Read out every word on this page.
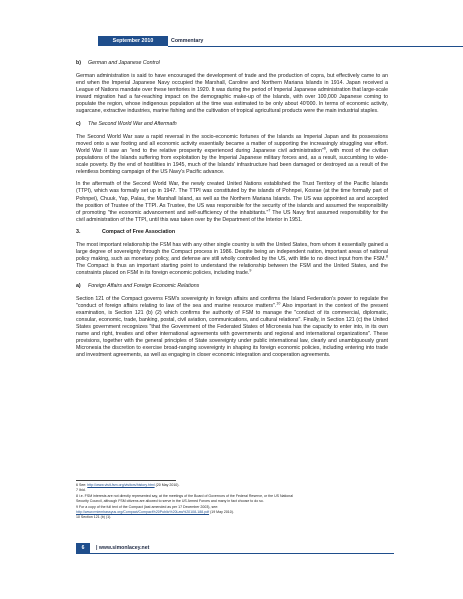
September 2010	Commentary
b) German and Japanese Control

German administration is said to have encouraged the development of trade and the production of copra, but effectively came to an end when the Imperial Japanese Navy occupied the Marshall, Caroline and Northern Mariana Islands in 1914. Japan received a League of Nations mandate over these territories in 1920. It was during the period of Imperial Japanese administration that large-scale inward migration had a far-reaching impact on the demographic make-up of the Islands, with over 100,000 Japanese coming to populate the region, whose indigenous population at the time was estimated to be only about 40'000. In terms of economic activity, sugarcane, extractive industries, marine fishing and the cultivation of tropical agricultural products were the main industrial staples.

c) The Second World War and Aftermath

The Second World War saw a rapid reversal in the socio-economic fortunes of the Islands as Imperial Japan and its possessions moved onto a war footing and all economic activity essentially became a matter of supporting the increasingly struggling war effort. World War II saw an "end to the relative prosperity experienced during Japanese civil administration"$^6$, with most of the civilian populations of the Islands suffering from exploitation by the Imperial Japanese military forces and, as a result, succumbing to wide-scale poverty. By the end of hostilities in 1945, much of the Islands' infrastructure had been damaged or destroyed as a result of the relentless bombing campaign of the US Navy's Pacific advance.

In the aftermath of the Second World War, the newly created United Nations established the Trust Territory of the Pacific Islands (TTPI), which was formally set up in 1947. The TTPI was constituted by the islands of Pohnpei, Kosrae (at the time formally part of Pohnpei), Chuuk, Yap, Palau, the Marshall Island, as well as the Northern Mariana Islands. The US was appointed as and accepted the position of Trustee of the TTPI. As Trustee, the US was responsible for the security of the islands and assumed the responsibility of promoting "the economic advancement and self-sufficiency of the inhabitants."$^7$ The US Navy first assumed responsibility for the civil administration of the TTPI, until this was taken over by the Department of the Interior in 1951.

3.	Compact of Free Association

The most important relationship the FSM has with any other single country is with the United States, from whom it essentially gained a large degree of sovereignty through the Compact process in 1986. Despite being an independent nation, important areas of national policy making, such as monetary policy, and defense are still wholly controlled by the US, with little to no direct input from the FSM.$^8$ The Compact is thus an important starting point to understand the relationship between the FSM and the United States, and the constraints placed on FSM in its foreign economic policies, including trade.$^9$

a) Foreign Affairs and Foreign Economic Relations

Section 121 of the Compact governs FSM's sovereignty in foreign affairs and confirms the Island Federation's power to regulate the "conduct of foreign affairs relating to law of the sea and marine resource matters".$^{10}$ Also important in the context of the present examination, is Section 121 (b) (2) which confirms the authority of FSM to manage the "conduct of its commercial, diplomatic, consular, economic, trade, banking, postal, civil aviation, communications, and cultural relations". Finally, in Section 121 (c) the United States government recognizes "that the Government of the Federated States of Micronesia has the capacity to enter into, in its own name and right, treaties and other international agreements with governments and regional and international organizations". These provisions, together with the general principles of State sovereignty under public international law, clearly and unambiguously grant Micronesia the discretion to exercise broad-ranging sovereignty in shaping its foreign economic policies, including entering into trade and investment agreements, as well as engaging in closer economic integration and cooperation agreements.

6 See: http://www.visit-fsm.org/visitors/history.html (20 May 2010).
7 Ibid.
8 i.e. FSM interests are not directly represented say, at the meetings of the Board of Governors of the Federal Reserve, or the US National
Security Council, although FSM citizens are allowed to serve in the US Armed Forces and many in fact choose to do so.
9 For a copy of the full text of the Compact (last amended as per 17 December 2003), see:
http://www.rmiembassyus.org/Compact/Compact%20Public%20Law%20108-188.pdf (19 May 2010).
10 Section 121 (b) (1).
6	| www.simonlacey.net
